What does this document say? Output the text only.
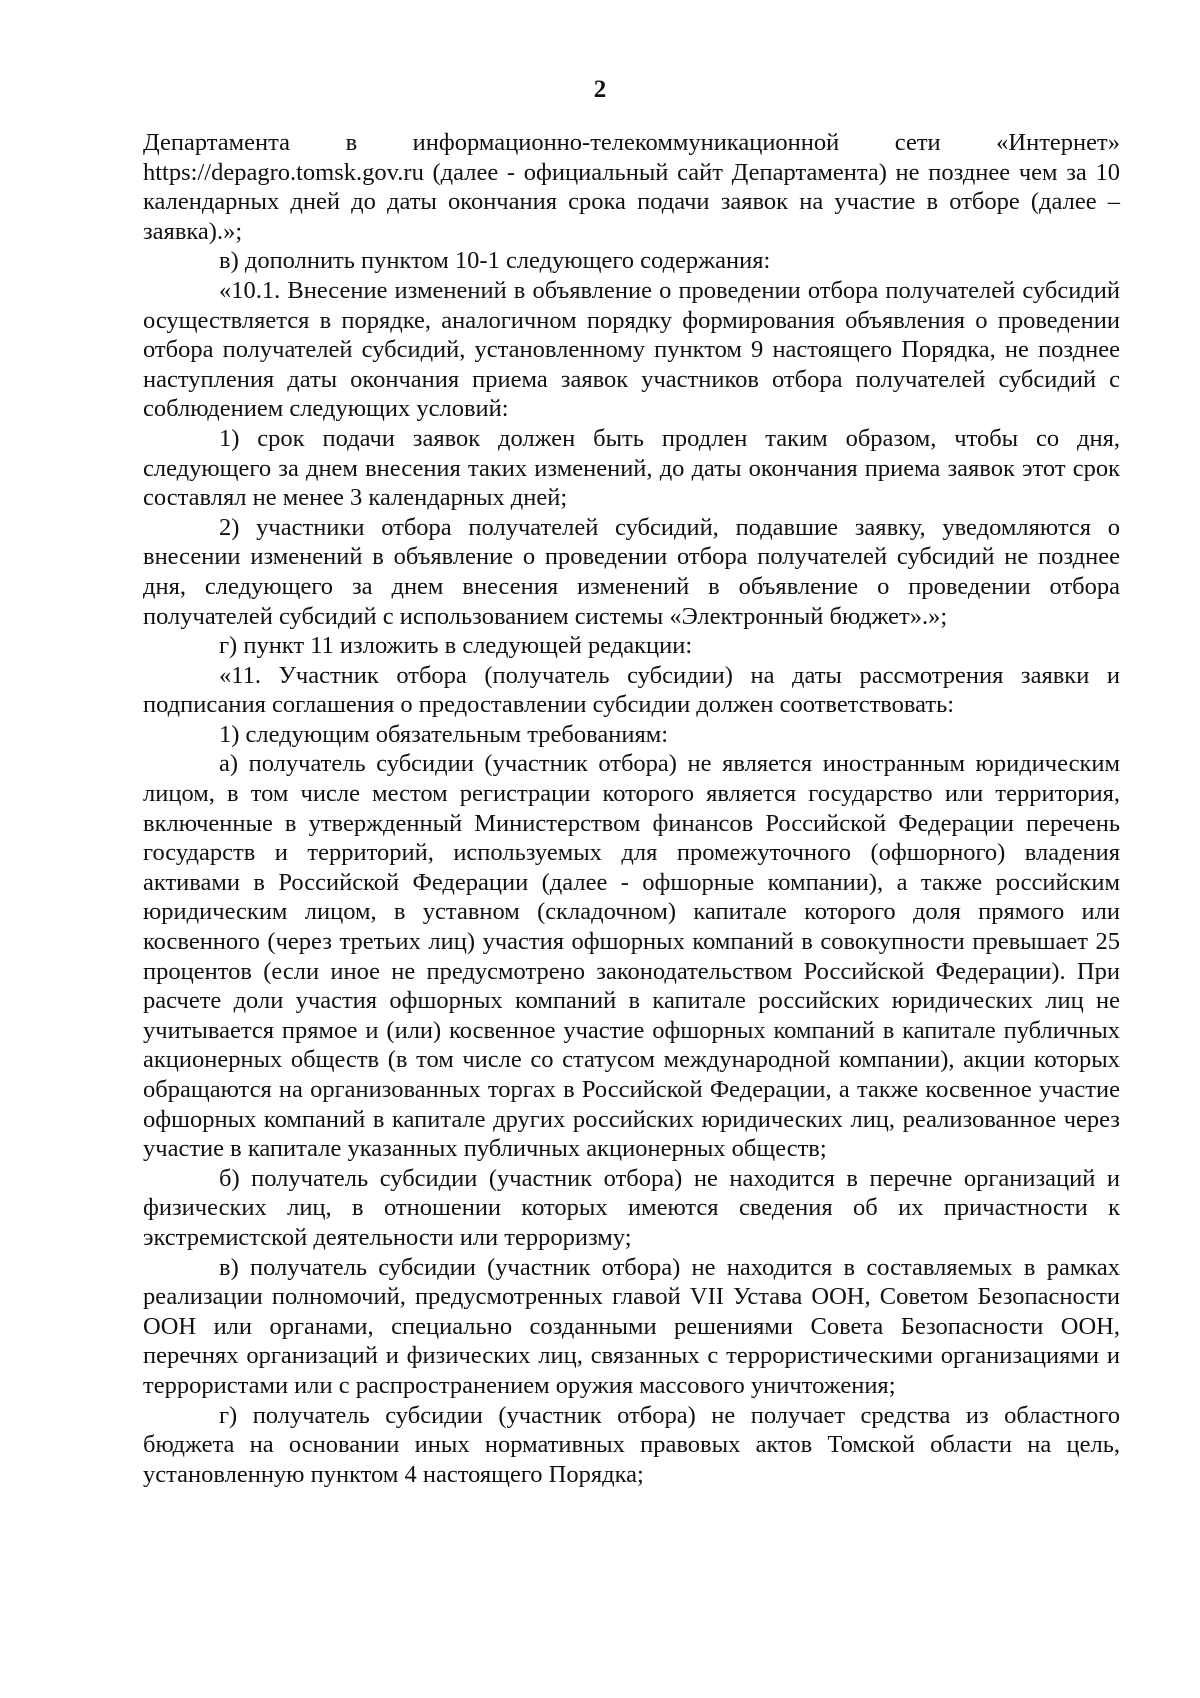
2

Департамента в информационно-телекоммуникационной сети «Интернет» https://depagro.tomsk.gov.ru (далее - официальный сайт Департамента) не позднее чем за 10 календарных дней до даты окончания срока подачи заявок на участие в отборе (далее – заявка).»;

в) дополнить пунктом 10-1 следующего содержания:

«10.1. Внесение изменений в объявление о проведении отбора получателей субсидий осуществляется в порядке, аналогичном порядку формирования объявления о проведении отбора получателей субсидий, установленному пунктом 9 настоящего Порядка, не позднее наступления даты окончания приема заявок участников отбора получателей субсидий с соблюдением следующих условий:

1) срок подачи заявок должен быть продлен таким образом, чтобы со дня, следующего за днем внесения таких изменений, до даты окончания приема заявок этот срок составлял не менее 3 календарных дней;

2) участники отбора получателей субсидий, подавшие заявку, уведомляются о внесении изменений в объявление о проведении отбора получателей субсидий не позднее дня, следующего за днем внесения изменений в объявление о проведении отбора получателей субсидий с использованием системы «Электронный бюджет».»;

г) пункт 11 изложить в следующей редакции:

«11. Участник отбора (получатель субсидии) на даты рассмотрения заявки и подписания соглашения о предоставлении субсидии должен соответствовать:

1) следующим обязательным требованиям:

а) получатель субсидии (участник отбора) не является иностранным юридическим лицом, в том числе местом регистрации которого является государство или территория, включенные в утвержденный Министерством финансов Российской Федерации перечень государств и территорий, используемых для промежуточного (офшорного) владения активами в Российской Федерации (далее - офшорные компании), а также российским юридическим лицом, в уставном (складочном) капитале которого доля прямого или косвенного (через третьих лиц) участия офшорных компаний в совокупности превышает 25 процентов (если иное не предусмотрено законодательством Российской Федерации). При расчете доли участия офшорных компаний в капитале российских юридических лиц не учитывается прямое и (или) косвенное участие офшорных компаний в капитале публичных акционерных обществ (в том числе со статусом международной компании), акции которых обращаются на организованных торгах в Российской Федерации, а также косвенное участие офшорных компаний в капитале других российских юридических лиц, реализованное через участие в капитале указанных публичных акционерных обществ;

б) получатель субсидии (участник отбора) не находится в перечне организаций и физических лиц, в отношении которых имеются сведения об их причастности к экстремистской деятельности или терроризму;

в) получатель субсидии (участник отбора) не находится в составляемых в рамках реализации полномочий, предусмотренных главой VII Устава ООН, Советом Безопасности ООН или органами, специально созданными решениями Совета Безопасности ООН, перечнях организаций и физических лиц, связанных с террористическими организациями и террористами или с распространением оружия массового уничтожения;

г) получатель субсидии (участник отбора) не получает средства из областного бюджета на основании иных нормативных правовых актов Томской области на цель, установленную пунктом 4 настоящего Порядка;
